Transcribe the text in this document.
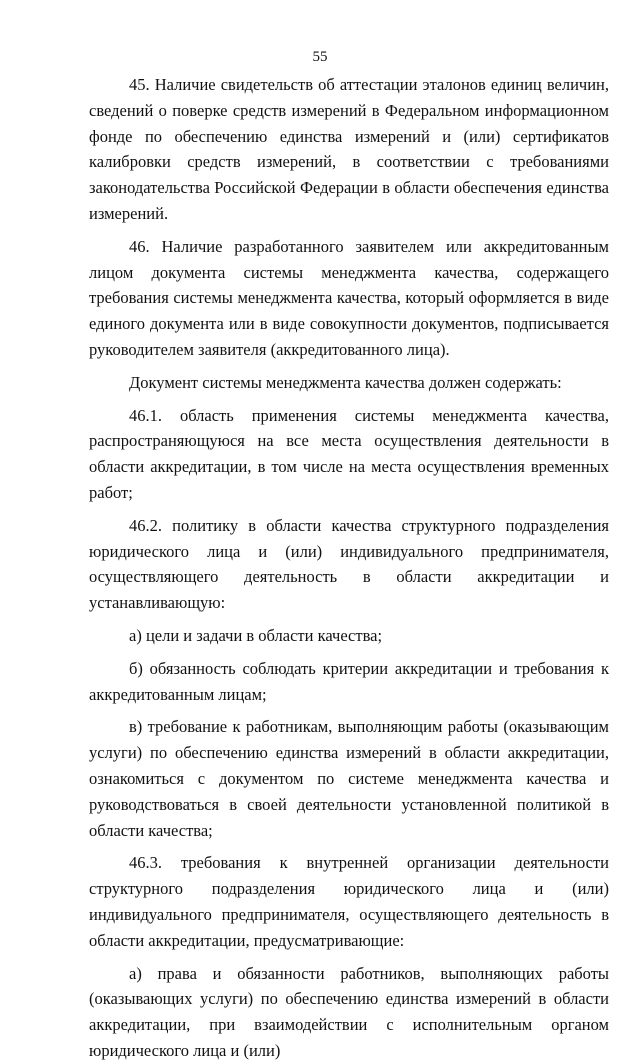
55

45. Наличие свидетельств об аттестации эталонов единиц величин, сведений о поверке средств измерений в Федеральном информационном фонде по обеспечению единства измерений и (или) сертификатов калибровки средств измерений, в соответствии с требованиями законодательства Российской Федерации в области обеспечения единства измерений.

46. Наличие разработанного заявителем или аккредитованным лицом документа системы менеджмента качества, содержащего требования системы менеджмента качества, который оформляется в виде единого документа или в виде совокупности документов, подписывается руководителем заявителя (аккредитованного лица).

Документ системы менеджмента качества должен содержать:

46.1. область применения системы менеджмента качества, распространяющуюся на все места осуществления деятельности в области аккредитации, в том числе на места осуществления временных работ;

46.2. политику в области качества структурного подразделения юридического лица и (или) индивидуального предпринимателя, осуществляющего деятельность в области аккредитации и устанавливающую:

а) цели и задачи в области качества;

б) обязанность соблюдать критерии аккредитации и требования к аккредитованным лицам;

в) требование к работникам, выполняющим работы (оказывающим услуги) по обеспечению единства измерений в области аккредитации, ознакомиться с документом по системе менеджмента качества и руководствоваться в своей деятельности установленной политикой в области качества;

46.3. требования к внутренней организации деятельности структурного подразделения юридического лица и (или) индивидуального предпринимателя, осуществляющего деятельность в области аккредитации, предусматривающие:

а) права и обязанности работников, выполняющих работы (оказывающих услуги) по обеспечению единства измерений в области аккредитации, при взаимодействии с исполнительным органом юридического лица и (или)
